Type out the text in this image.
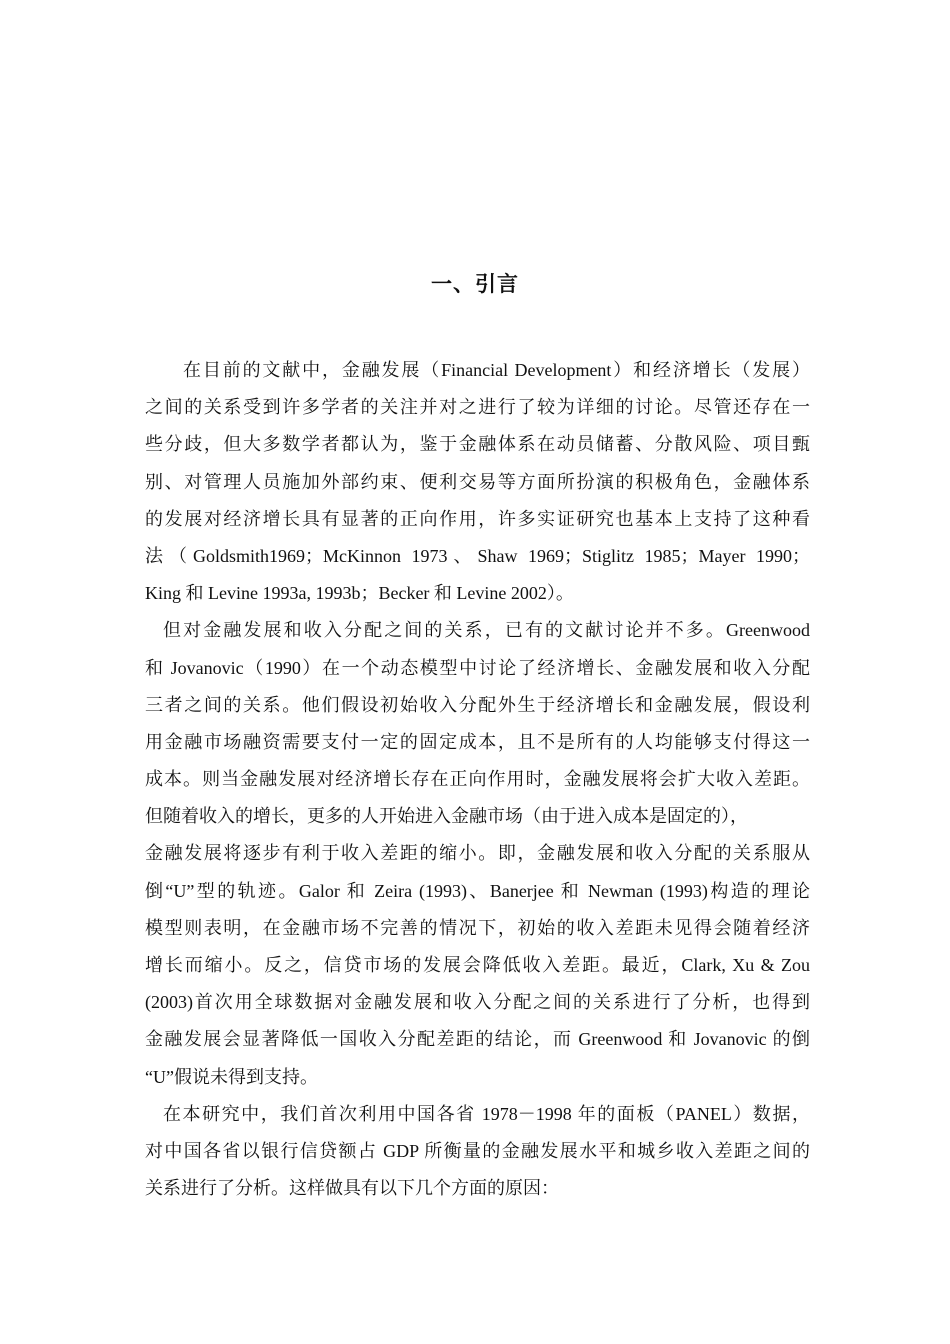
一、引言
在目前的文献中，金融发展（Financial Development）和经济增长（发展）
之间的关系受到许多学者的关注并对之进行了较为详细的讨论。尽管还存在一
些分歧，但大多数学者都认为，鉴于金融体系在动员储蓄、分散风险、项目甄
别、对管理人员施加外部约束、便利交易等方面所扮演的积极角色，金融体系
的发展对经济增长具有显著的正向作用，许多实证研究也基本上支持了这种看
法（Goldsmith1969；McKinnon 1973、Shaw 1969；Stiglitz 1985；Mayer 1990；
King 和 Levine 1993a, 1993b；Becker 和 Levine 2002）。
但对金融发展和收入分配之间的关系，已有的文献讨论并不多。Greenwood
和 Jovanovic（1990）在一个动态模型中讨论了经济增长、金融发展和收入分配
三者之间的关系。他们假设初始收入分配外生于经济增长和金融发展，假设利
用金融市场融资需要支付一定的固定成本，且不是所有的人均能够支付得这一
成本。则当金融发展对经济增长存在正向作用时，金融发展将会扩大收入差距。
但随着收入的增长，更多的人开始进入金融市场（由于进入成本是固定的），
金融发展将逐步有利于收入差距的缩小。即，金融发展和收入分配的关系服从
倒“U”型的轨迹。Galor 和 Zeira (1993)、Banerjee 和 Newman (1993)构造的理论
模型则表明，在金融市场不完善的情况下，初始的收入差距未见得会随着经济
增长而缩小。反之，信贷市场的发展会降低收入差距。最近，Clark, Xu & Zou
(2003)首次用全球数据对金融发展和收入分配之间的关系进行了分析，也得到
金融发展会显著降低一国收入分配差距的结论，而 Greenwood 和 Jovanovic 的倒
“U”假说未得到支持。
在本研究中，我们首次利用中国各省 1978－1998 年的面板（PANEL）数据，
对中国各省以银行信贷额占 GDP 所衡量的金融发展水平和城乡收入差距之间的
关系进行了分析。这样做具有以下几个方面的原因：
